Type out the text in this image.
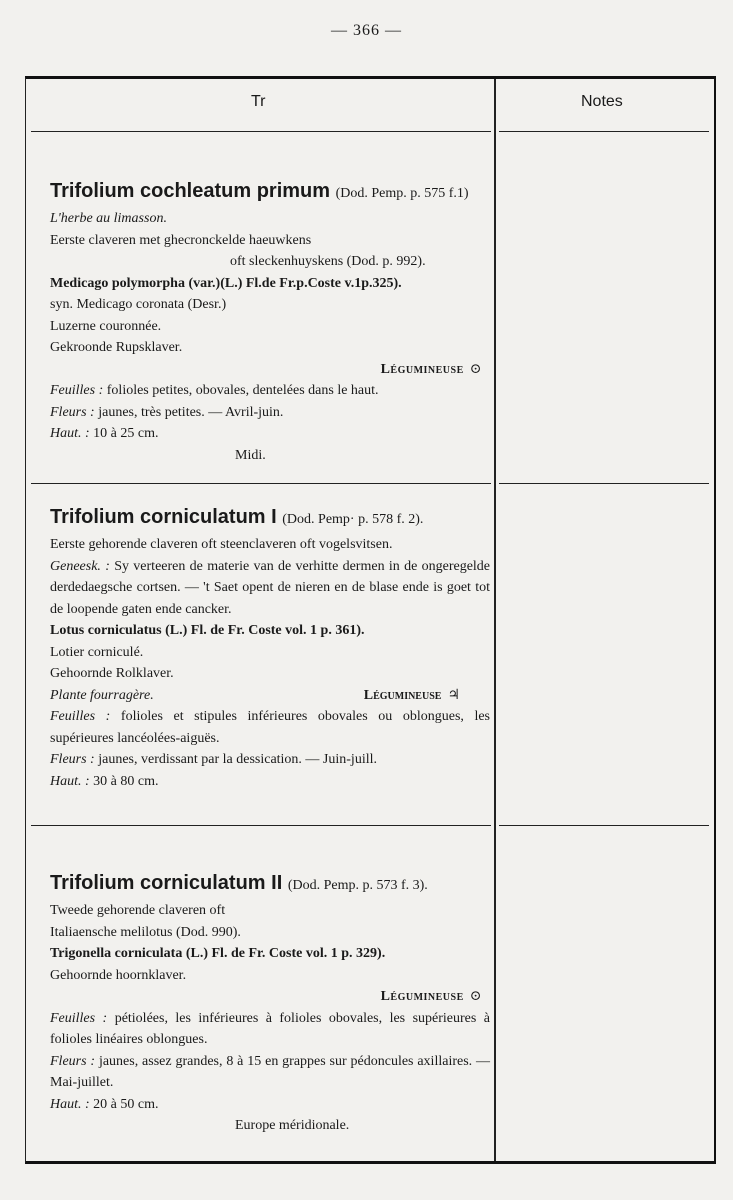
— 366 —
Tr	Notes

Trifolium cochleatum primum (Dod. Pemp. p. 575 f.1)

L'herbe au limasson.

Eerste claveren met ghecronckelde haeuwkens

oft sleckenhuyskens (Dod. p. 992).

Medicago polymorpha (var.)(L.) Fl.de Fr.p.Coste v.1p.325).

syn. Medicago coronata (Desr.)

Luzerne couronnée.

Gekroonde Rupsklaver.

Légumineuse ⊙

Feuilles : folioles petites, obovales, dentelées dans le haut.

Fleurs : jaunes, très petites. — Avril-juin.

Haut. : 10 à 25 cm.

Midi.

Trifolium corniculatum I (Dod. Pemp· p. 578 f. 2).

Eerste gehorende claveren oft steenclaveren oft vogelsvitsen.

Geneesk. : Sy verteeren de materie van de verhitte dermen in de ongeregelde derdedaegsche cortsen. — 't Saet opent de nieren en de blase ende is goet tot de loopende gaten ende cancker.

Lotus corniculatus (L.) Fl. de Fr. Coste vol. 1 p. 361).

Lotier corniculé.

Gehoornde Rolklaver.

Plante fourragère.	Légumineuse ♃

Feuilles : folioles et stipules inférieures obovales ou oblongues, les supérieures lancéolées-aiguës.

Fleurs : jaunes, verdissant par la dessication. — Juin-juill.

Haut. : 30 à 80 cm.

Trifolium corniculatum II (Dod. Pemp. p. 573 f. 3).

Tweede gehorende claveren oft

Italiaensche melilotus (Dod. 990).

Trigonella corniculata (L.) Fl. de Fr. Coste vol. 1 p. 329).

Gehoornde hoornklaver.

Légumineuse ⊙

Feuilles : pétiolées, les inférieures à folioles obovales, les supérieures à folioles linéaires oblongues.

Fleurs : jaunes, assez grandes, 8 à 15 en grappes sur pédoncules axillaires. — Mai-juillet.

Haut. : 20 à 50 cm.

Europe méridionale.
